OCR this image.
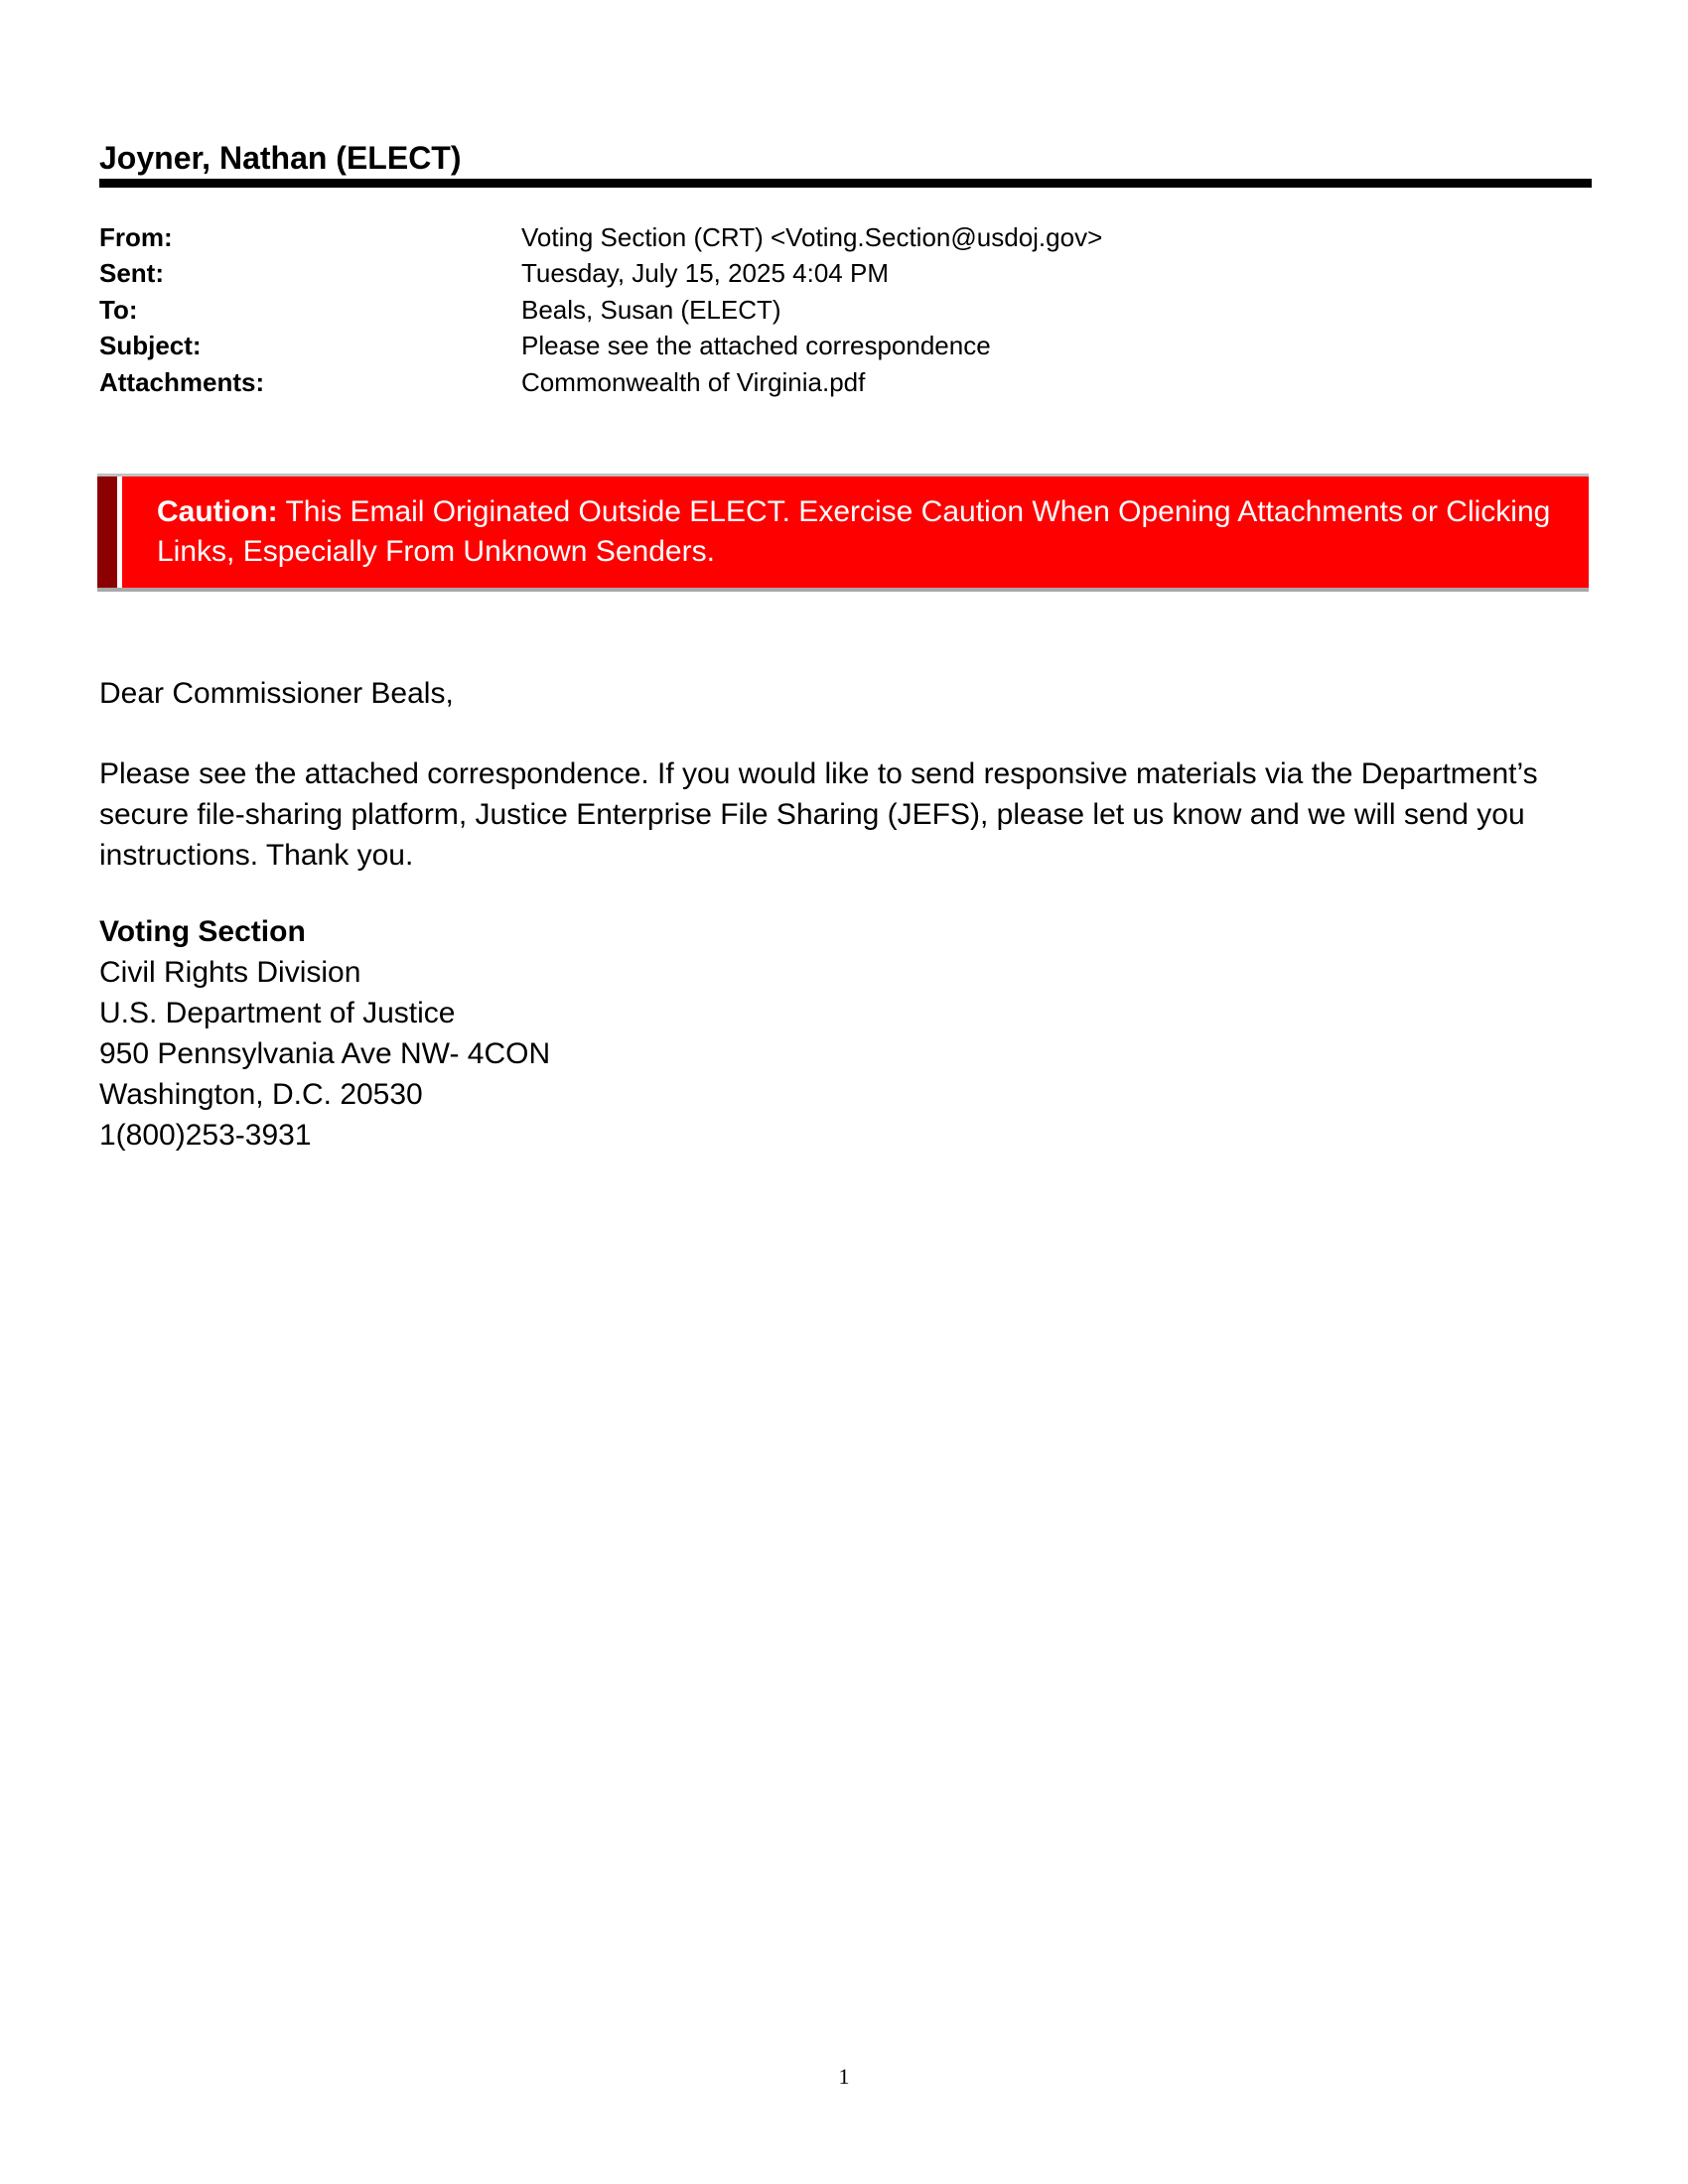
Joyner, Nathan (ELECT)
From:	Voting Section (CRT) <Voting.Section@usdoj.gov>
Sent:	Tuesday, July 15, 2025 4:04 PM
To:	Beals, Susan (ELECT)
Subject:	Please see the attached correspondence
Attachments:	Commonwealth of Virginia.pdf
Caution: This Email Originated Outside ELECT. Exercise Caution When Opening Attachments or Clicking Links, Especially From Unknown Senders.
Dear Commissioner Beals,
Please see the attached correspondence. If you would like to send responsive materials via the Department’s secure file-sharing platform, Justice Enterprise File Sharing (JEFS), please let us know and we will send you instructions. Thank you.
Voting Section
Civil Rights Division
U.S. Department of Justice
950 Pennsylvania Ave NW- 4CON
Washington, D.C. 20530
1(800)253-3931
1
